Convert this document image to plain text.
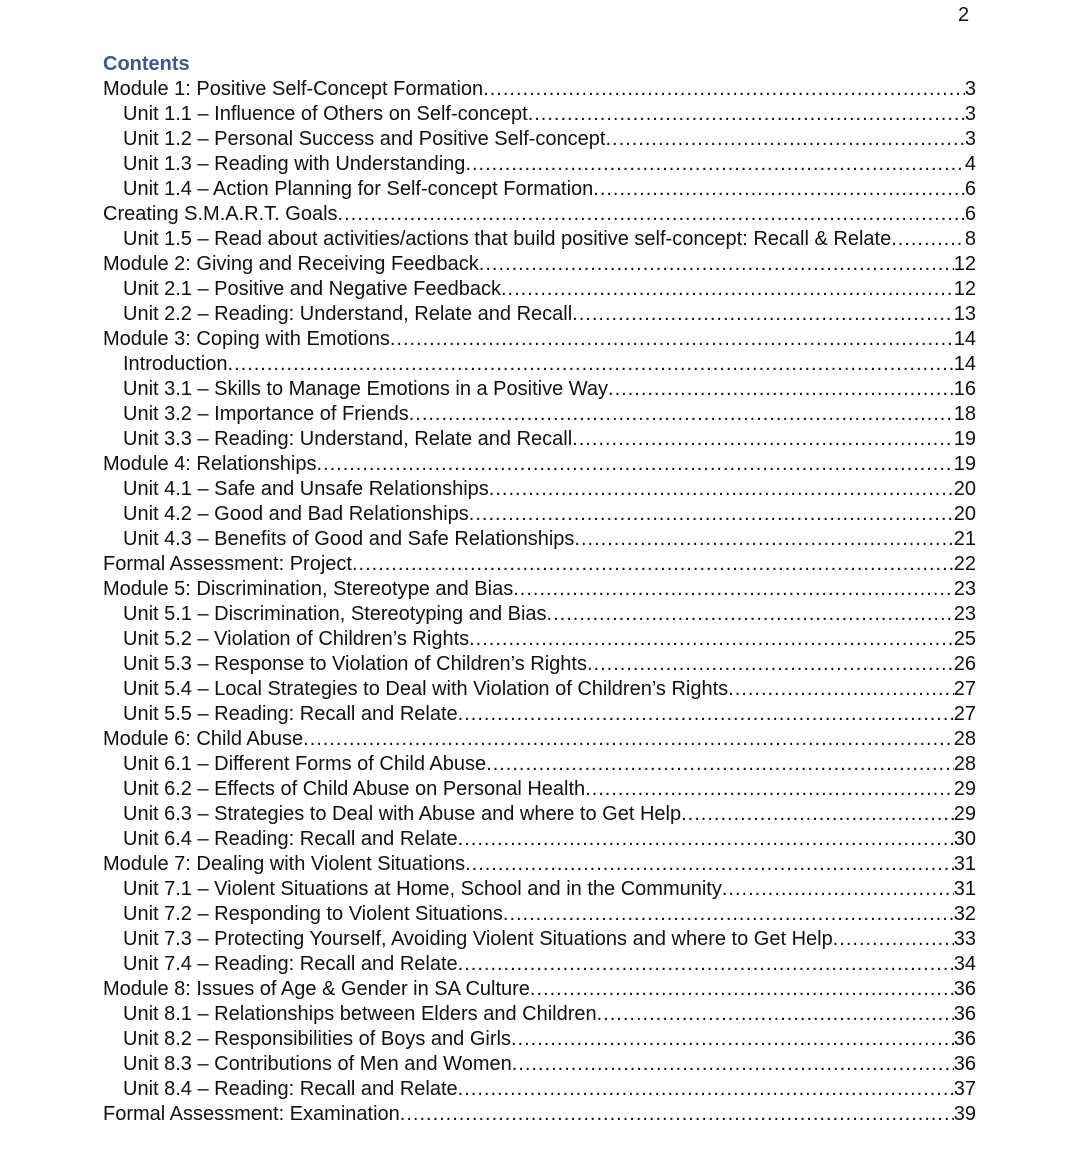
2
Contents
Module 1: Positive Self-Concept Formation .....	3
Unit 1.1 – Influence of Others on Self-concept .....	3
Unit 1.2 – Personal Success and Positive Self-concept .....	3
Unit 1.3 – Reading with Understanding .....	4
Unit 1.4 – Action Planning for Self-concept Formation .....	6
Creating S.M.A.R.T. Goals .....	6
Unit 1.5 – Read about activities/actions that build positive self-concept: Recall & Relate .....	8
Module 2: Giving and Receiving Feedback .....	12
Unit 2.1 – Positive and Negative Feedback .....	12
Unit 2.2 – Reading: Understand, Relate and Recall .....	13
Module 3: Coping with Emotions .....	14
Introduction .....	14
Unit 3.1 – Skills to Manage Emotions in a Positive Way .....	16
Unit 3.2 – Importance of Friends .....	18
Unit 3.3 – Reading: Understand, Relate and Recall .....	19
Module 4: Relationships .....	19
Unit 4.1 – Safe and Unsafe Relationships .....	20
Unit 4.2 – Good and Bad Relationships .....	20
Unit 4.3 – Benefits of Good and Safe Relationships .....	21
Formal Assessment: Project .....	22
Module 5: Discrimination, Stereotype and Bias .....	23
Unit 5.1 – Discrimination, Stereotyping and Bias .....	23
Unit 5.2 – Violation of Children’s Rights .....	25
Unit 5.3 – Response to Violation of Children’s Rights .....	26
Unit 5.4 – Local Strategies to Deal with Violation of Children’s Rights .....	27
Unit 5.5 – Reading: Recall and Relate .....	27
Module 6: Child Abuse .....	28
Unit 6.1 – Different Forms of Child Abuse .....	28
Unit 6.2 – Effects of Child Abuse on Personal Health .....	29
Unit 6.3 – Strategies to Deal with Abuse and where to Get Help .....	29
Unit 6.4 – Reading: Recall and Relate .....	30
Module 7: Dealing with Violent Situations .....	31
Unit 7.1 – Violent Situations at Home, School and in the Community .....	31
Unit 7.2 – Responding to Violent Situations .....	32
Unit 7.3 – Protecting Yourself, Avoiding Violent Situations and where to Get Help .....	33
Unit 7.4 – Reading: Recall and Relate .....	34
Module 8: Issues of Age & Gender in SA Culture .....	36
Unit 8.1 – Relationships between Elders and Children .....	36
Unit 8.2 – Responsibilities of Boys and Girls .....	36
Unit 8.3 – Contributions of Men and Women .....	36
Unit 8.4 – Reading: Recall and Relate .....	37
Formal Assessment: Examination .....	39
